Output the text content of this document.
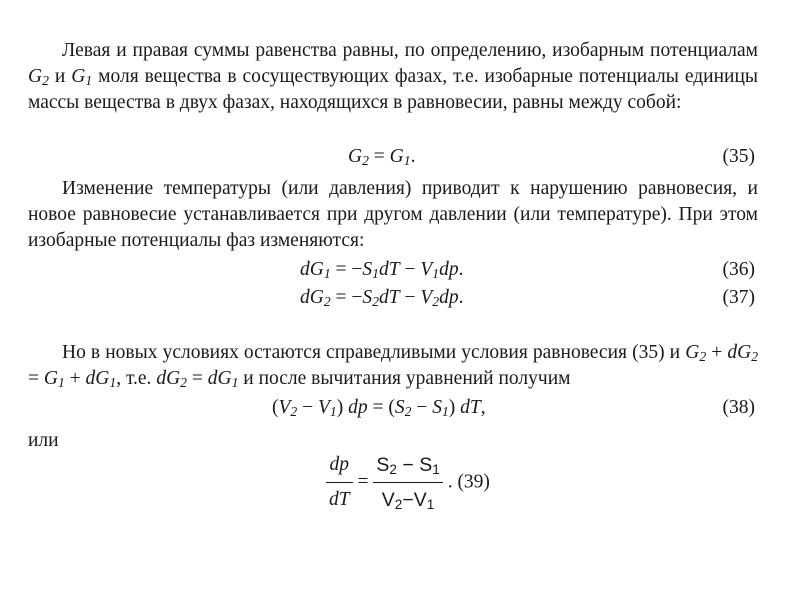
Левая и правая суммы равенства равны, по определению, изобарным потенциалам $G_2$ и $G_1$ моля вещества в сосуществующих фазах, т.е. изобарные потенциалы единицы массы вещества в двух фазах, находящихся в равновесии, равны между собой:
$G_2 = G_1$.	(35)
Изменение температуры (или давления) приводит к нарушению равновесия, и новое равновесие устанавливается при другом давлении (или температуре). При этом изобарные потенциалы фаз изменяются:
$dG_1 = -S_1dT - V_1dp$.	(36)
$dG_2 = -S_2dT - V_2dp$.	(37)
Но в новых условиях остаются справедливыми условия равновесия (35) и $G_2 + dG_2 = G_1 + dG_1$, т.е. $dG_2 = dG_1$ и после вычитания уравнений получим
$(V_2 - V_1)$ dp = $(S_2 - S_1)$ dT,	(38)
или
$\frac{dp}{dT} = \frac{S_2 - S_1}{V_2-V_1}$ . (39)
